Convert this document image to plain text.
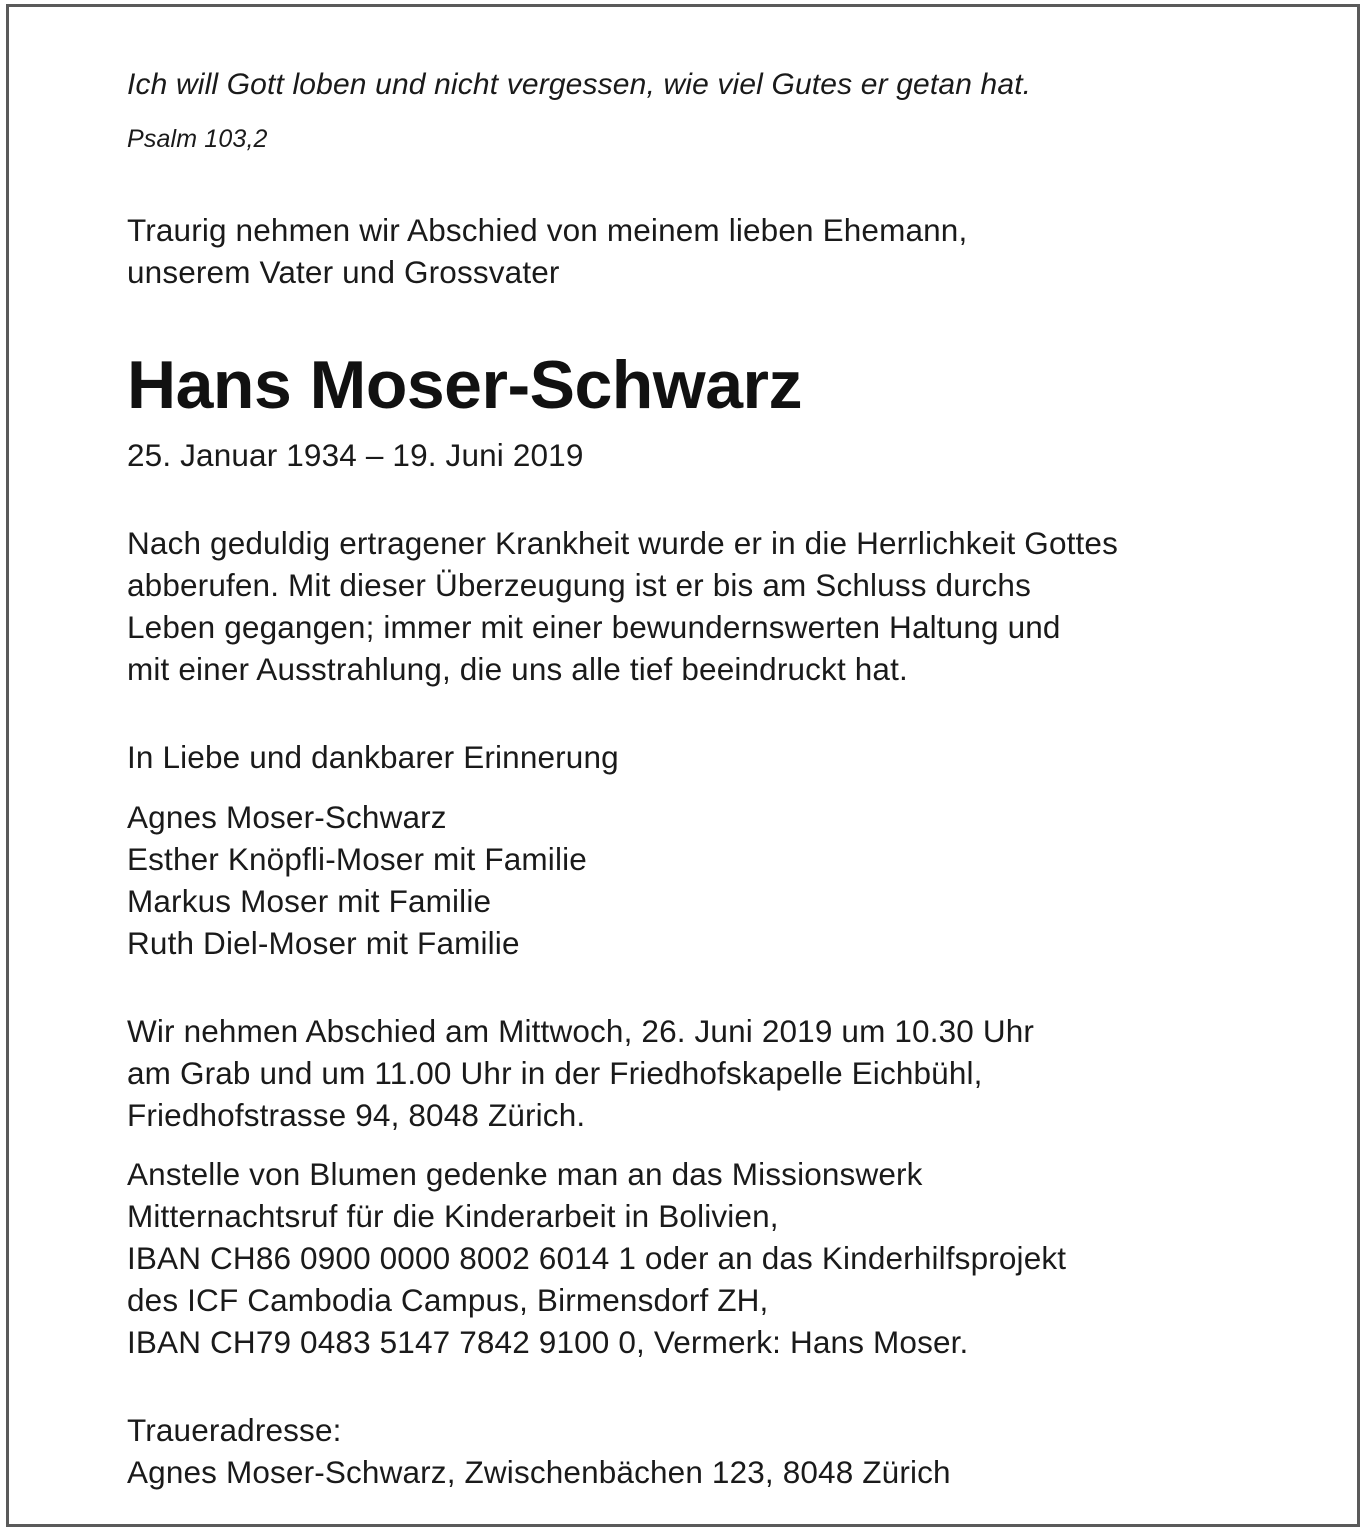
Ich will Gott loben und nicht vergessen, wie viel Gutes er getan hat.

Psalm 103,2

Traurig nehmen wir Abschied von meinem lieben Ehemann,
unserem Vater und Grossvater
Hans Moser-Schwarz

25. Januar 1934 – 19. Juni 2019

Nach geduldig ertragener Krankheit wurde er in die Herrlichkeit Gottes
abberufen. Mit dieser Überzeugung ist er bis am Schluss durchs
Leben gegangen; immer mit einer bewundernswerten Haltung und
mit einer Ausstrahlung, die uns alle tief beeindruckt hat.

In Liebe und dankbarer Erinnerung

Agnes Moser-Schwarz
Esther Knöpfli-Moser mit Familie
Markus Moser mit Familie
Ruth Diel-Moser mit Familie
Wir nehmen Abschied am Mittwoch, 26. Juni 2019 um 10.30 Uhr
am Grab und um 11.00 Uhr in der Friedhofskapelle Eichbühl,
Friedhofstrasse 94, 8048 Zürich.
Anstelle von Blumen gedenke man an das Missionswerk
Mitternachtsruf für die Kinderarbeit in Bolivien,
IBAN CH86 0900 0000 8002 6014 1 oder an das Kinderhilfsprojekt
des ICF Cambodia Campus, Birmensdorf ZH,
IBAN CH79 0483 5147 7842 9100 0, Vermerk: Hans Moser.
Traueradresse:
Agnes Moser-Schwarz, Zwischenbächen 123, 8048 Zürich
